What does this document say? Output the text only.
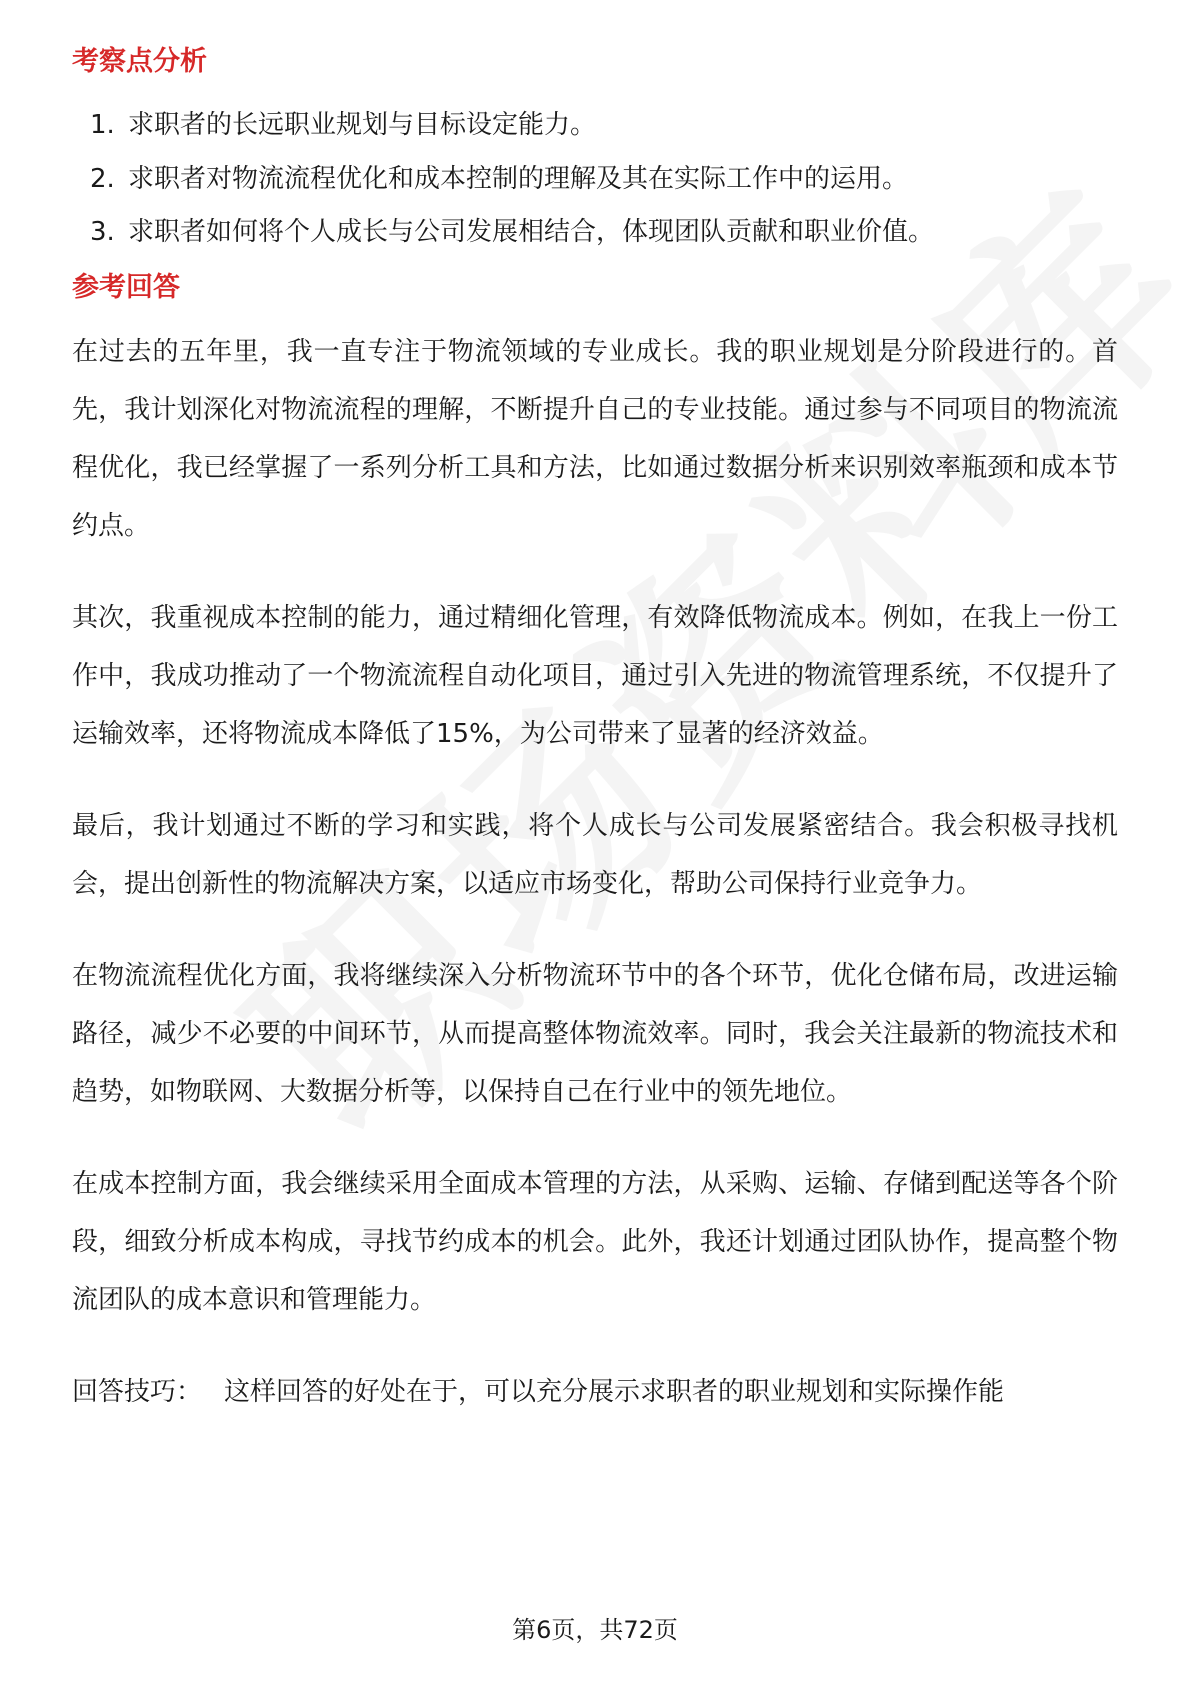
考察点分析
1. 求职者的长远职业规划与目标设定能力。
2. 求职者对物流流程优化和成本控制的理解及其在实际工作中的运用。
3. 求职者如何将个人成长与公司发展相结合，体现团队贡献和职业价值。
参考回答

在过去的五年里，我一直专注于物流领域的专业成长。我的职业规划是分阶段进行的。首先，我计划深化对物流流程的理解，不断提升自己的专业技能。通过参与不同项目的物流流程优化，我已经掌握了一系列分析工具和方法，比如通过数据分析来识别效率瓶颈和成本节约点。

其次，我重视成本控制的能力，通过精细化管理，有效降低物流成本。例如，在我上一份工作中，我成功推动了一个物流流程自动化项目，通过引入先进的物流管理系统，不仅提升了运输效率，还将物流成本降低了15%，为公司带来了显著的经济效益。

最后，我计划通过不断的学习和实践，将个人成长与公司发展紧密结合。我会积极寻找机会，提出创新性的物流解决方案，以适应市场变化，帮助公司保持行业竞争力。

在物流流程优化方面，我将继续深入分析物流环节中的各个环节，优化仓储布局，改进运输路径，减少不必要的中间环节，从而提高整体物流效率。同时，我会关注最新的物流技术和趋势，如物联网、大数据分析等，以保持自己在行业中的领先地位。

在成本控制方面，我会继续采用全面成本管理的方法，从采购、运输、存储到配送等各个阶段，细致分析成本构成，寻找节约成本的机会。此外，我还计划通过团队协作，提高整个物流团队的成本意识和管理能力。

回答技巧： 这样回答的好处在于，可以充分展示求职者的职业规划和实际操作能
第6页，共72页
